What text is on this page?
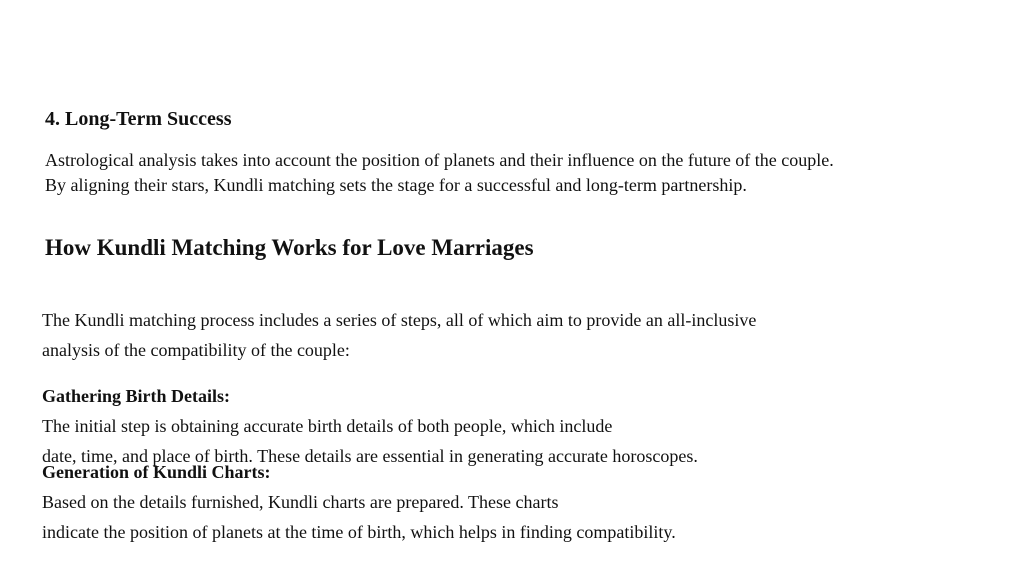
4. Long-Term Success

Astrological analysis takes into account the position of planets and their influence on the future of the couple.
By aligning their stars, Kundli matching sets the stage for a successful and long-term partnership.

How Kundli Matching Works for Love Marriages

The Kundli matching process includes a series of steps, all of which aim to provide an all-inclusive
analysis of the compatibility of the couple:

Gathering Birth Details:
The initial step is obtaining accurate birth details of both people, which include
date, time, and place of birth. These details are essential in generating accurate horoscopes.

Generation of Kundli Charts:
Based on the details furnished, Kundli charts are prepared. These charts
indicate the position of planets at the time of birth, which helps in finding compatibility.
